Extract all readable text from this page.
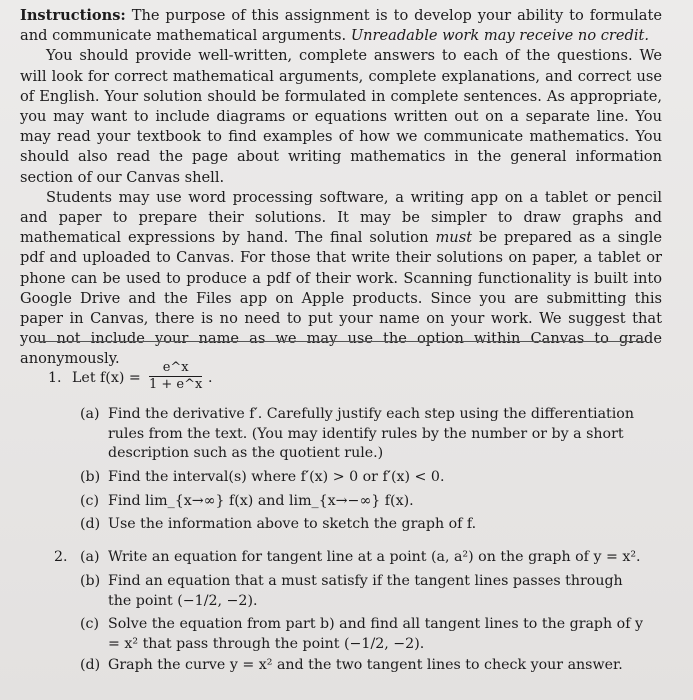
Instructions: The purpose of this assignment is to develop your ability to formulate and communicate mathematical arguments. Unreadable work may receive no credit.

You should provide well-written, complete answers to each of the questions. We will look for correct mathematical arguments, complete explanations, and correct use of English. Your solution should be formulated in complete sentences. As appropriate, you may want to include diagrams or equations written out on a separate line. You may read your textbook to find examples of how we communicate mathematics. You should also read the page about writing mathematics in the general information section of our Canvas shell.

Students may use word processing software, a writing app on a tablet or pencil and paper to prepare their solutions. It may be simpler to draw graphs and mathematical expressions by hand. The final solution must be prepared as a single pdf and uploaded to Canvas. For those that write their solutions on paper, a tablet or phone can be used to produce a pdf of their work. Scanning functionality is built into Google Drive and the Files app on Apple products. Since you are submitting this paper in Canvas, there is no need to put your name on your work. We suggest that you not include your name as we may use the option within Canvas to grade anonymously.

1. Let $f(x) = \frac{e\^{}x}{1 + e\^{}x}$ .
(a) Find the derivative f′. Carefully justify each step using the differentiation rules from the text. (You may identify rules by the number or by a short description such as the quotient rule.)
(b) Find the interval(s) where f′(x) > 0 or f′(x) < 0.
(c) Find lim_{x→∞} f(x) and lim_{x→−∞} f(x).
(d) Use the information above to sketch the graph of f.
2. (a) Write an equation for tangent line at a point (a, a²) on the graph of y = x².
(b) Find an equation that a must satisfy if the tangent lines passes through the point (−1/2, −2).
(c) Solve the equation from part b) and find all tangent lines to the graph of y = x² that pass through the point (−1/2, −2).
(d) Graph the curve y = x² and the two tangent lines to check your answer.
